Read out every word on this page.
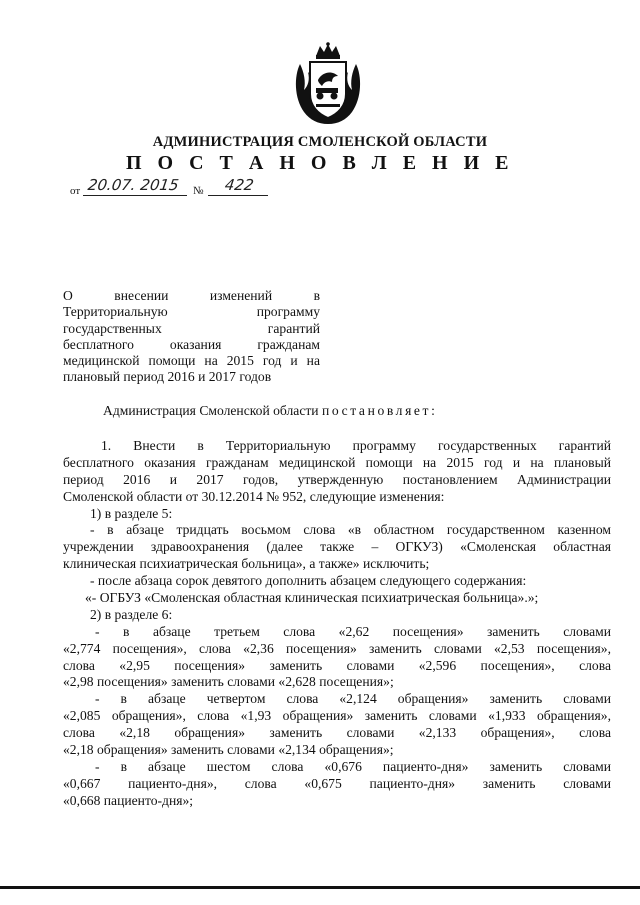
АДМИНИСТРАЦИЯ СМОЛЕНСКОЙ ОБЛАСТИ
П О С Т А Н О В Л Е Н И Е
от 20.07. 2015 № 422
О внесении изменений в
Территориальную программу
государственных гарантий
бесплатного оказания гражданам
медицинской помощи на 2015 год и на
плановый период 2016 и 2017 годов
Администрация Смоленской области постановляет:
1. Внести в Территориальную программу государственных гарантий
бесплатного оказания гражданам медицинской помощи на 2015 год и на плановый
период 2016 и 2017 годов, утвержденную постановлением Администрации
Смоленской области от 30.12.2014 № 952, следующие изменения:
1) в разделе 5:
- в абзаце тридцать восьмом слова «в областном государственном казенном
учреждении здравоохранения (далее также – ОГКУЗ) «Смоленская областная
клиническая психиатрическая больница», а также» исключить;
- после абзаца сорок девятого дополнить абзацем следующего содержания:
«- ОГБУЗ «Смоленская областная клиническая психиатрическая больница».»;
2) в разделе 6:
- в абзаце третьем слова «2,62 посещения» заменить словами
«2,774 посещения», слова «2,36 посещения» заменить словами «2,53 посещения»,
слова «2,95 посещения» заменить словами «2,596 посещения», слова
«2,98 посещения» заменить словами «2,628 посещения»;
- в абзаце четвертом слова «2,124 обращения» заменить словами
«2,085 обращения», слова «1,93 обращения» заменить словами «1,933 обращения»,
слова «2,18 обращения» заменить словами «2,133 обращения», слова
«2,18 обращения» заменить словами «2,134 обращения»;
- в абзаце шестом слова «0,676 пациенто-дня» заменить словами
«0,667 пациенто-дня», слова «0,675 пациенто-дня» заменить словами
«0,668 пациенто-дня»;
